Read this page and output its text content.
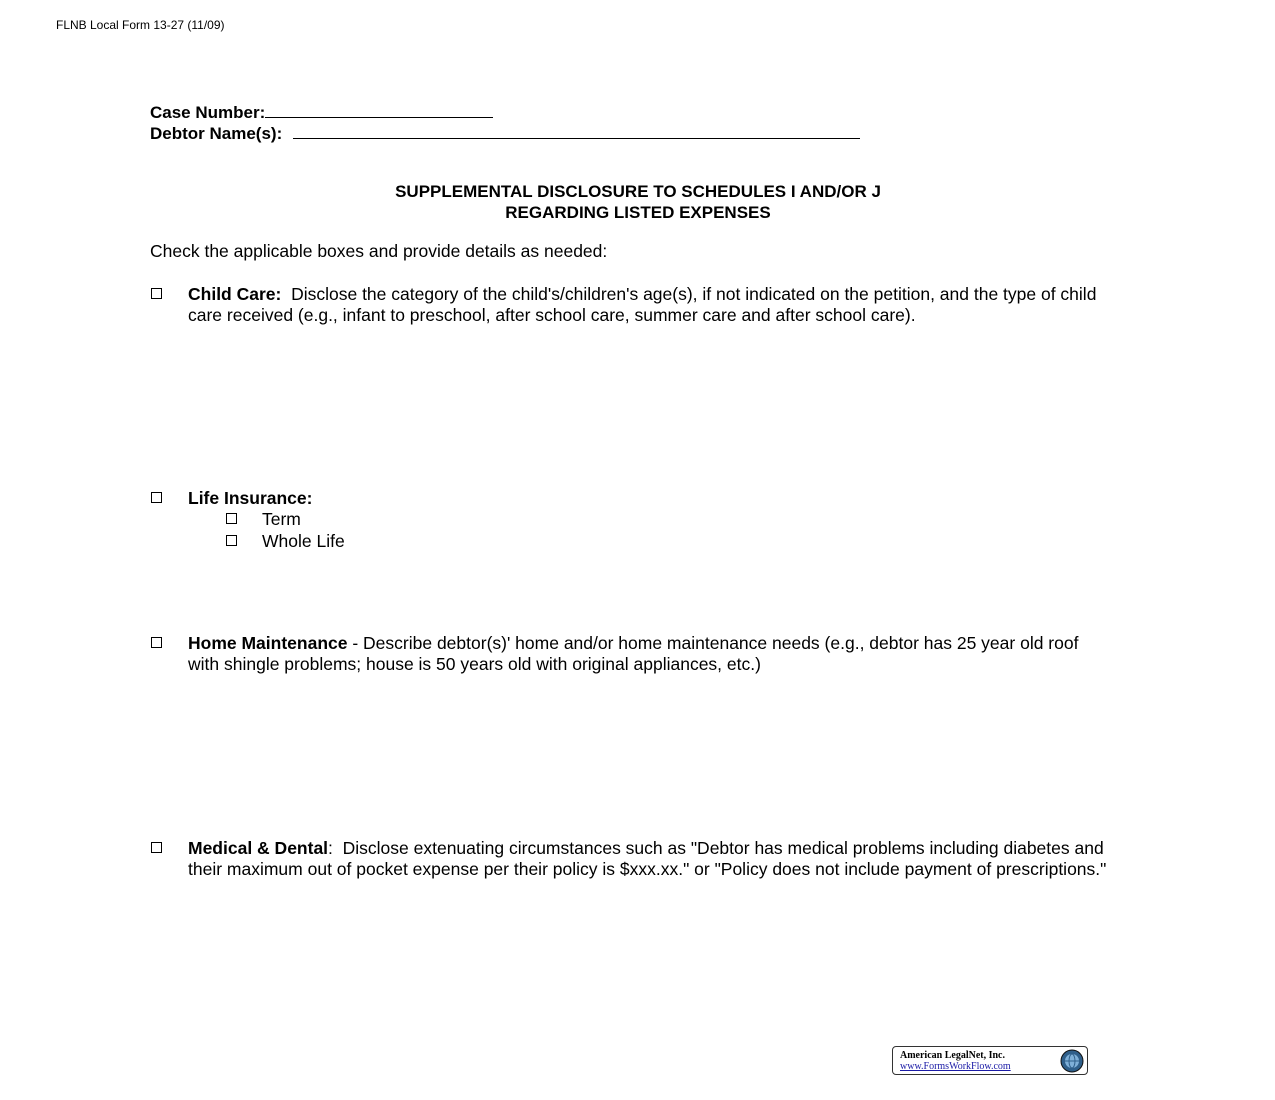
FLNB Local Form 13-27 (11/09)
Case Number:
Debtor Name(s):
SUPPLEMENTAL DISCLOSURE TO SCHEDULES I AND/OR J
REGARDING LISTED EXPENSES
Check the applicable boxes and provide details as needed:
Child Care:  Disclose the category of the child's/children's age(s), if not indicated on the petition, and the type of child care received (e.g., infant to preschool, after school care, summer care and after school care).
Life Insurance:
Term
Whole Life
Home Maintenance - Describe debtor(s)' home and/or home maintenance needs (e.g., debtor has 25 year old roof with shingle problems; house is 50 years old with original appliances, etc.)
Medical & Dental:  Disclose extenuating circumstances such as "Debtor has medical problems including diabetes and their maximum out of pocket expense per their policy is $xxx.xx." or "Policy does not include payment of prescriptions."
American LegalNet, Inc.
www.FormsWorkFlow.com
